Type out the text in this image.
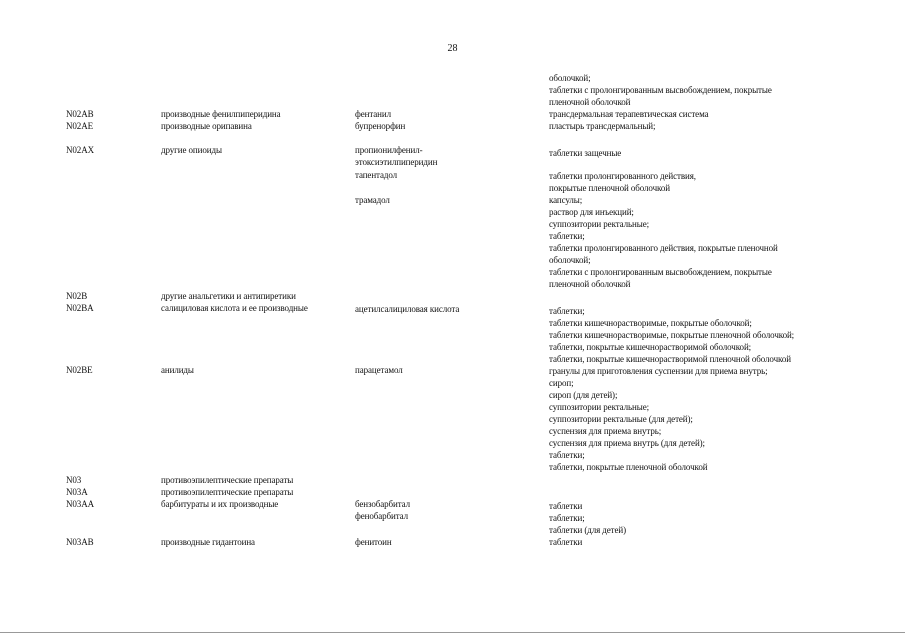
28
оболочкой;
таблетки с пролонгированным высвобождением, покрытые
пленочной оболочкой
N02AB	производные фенилпиперидина	фентанил	трансдермальная терапевтическая система
N02AE	производные орипавина	бупренорфин	пластырь трансдермальный;
N02AX	другие опиоиды	пропионилфенил-	таблетки защечные
этоксиэтилпиперидин
тапентадол	таблетки пролонгированного действия,
покрытые пленочной оболочкой
трамадол	капсулы;
раствор для инъекций;
суппозитории ректальные;
таблетки;
таблетки пролонгированного действия, покрытые пленочной
оболочкой;
таблетки с пролонгированным высвобождением, покрытые
пленочной оболочкой
N02B	другие анальгетики и антипиретики
N02BA	салициловая кислота и ее производные	ацетилсалициловая кислота	таблетки;
таблетки кишечнорастворимые, покрытые оболочкой;
таблетки кишечнорастворимые, покрытые пленочной оболочкой;
таблетки, покрытые кишечнорастворимой оболочкой;
таблетки, покрытые кишечнорастворимой пленочной оболочкой
N02BE	анилиды	парацетамол	гранулы для приготовления суспензии для приема внутрь;
сироп;
сироп (для детей);
суппозитории ректальные;
суппозитории ректальные (для детей);
суспензия для приема внутрь;
суспензия для приема внутрь (для детей);
таблетки;
таблетки, покрытые пленочной оболочкой
N03	противоэпилептические препараты
N03A	противоэпилептические препараты
N03AA	барбитураты и их производные	бензобарбитал	таблетки
фенобарбитал	таблетки;
таблетки (для детей)
N03AB	производные гидантоина	фенитоин	таблетки
